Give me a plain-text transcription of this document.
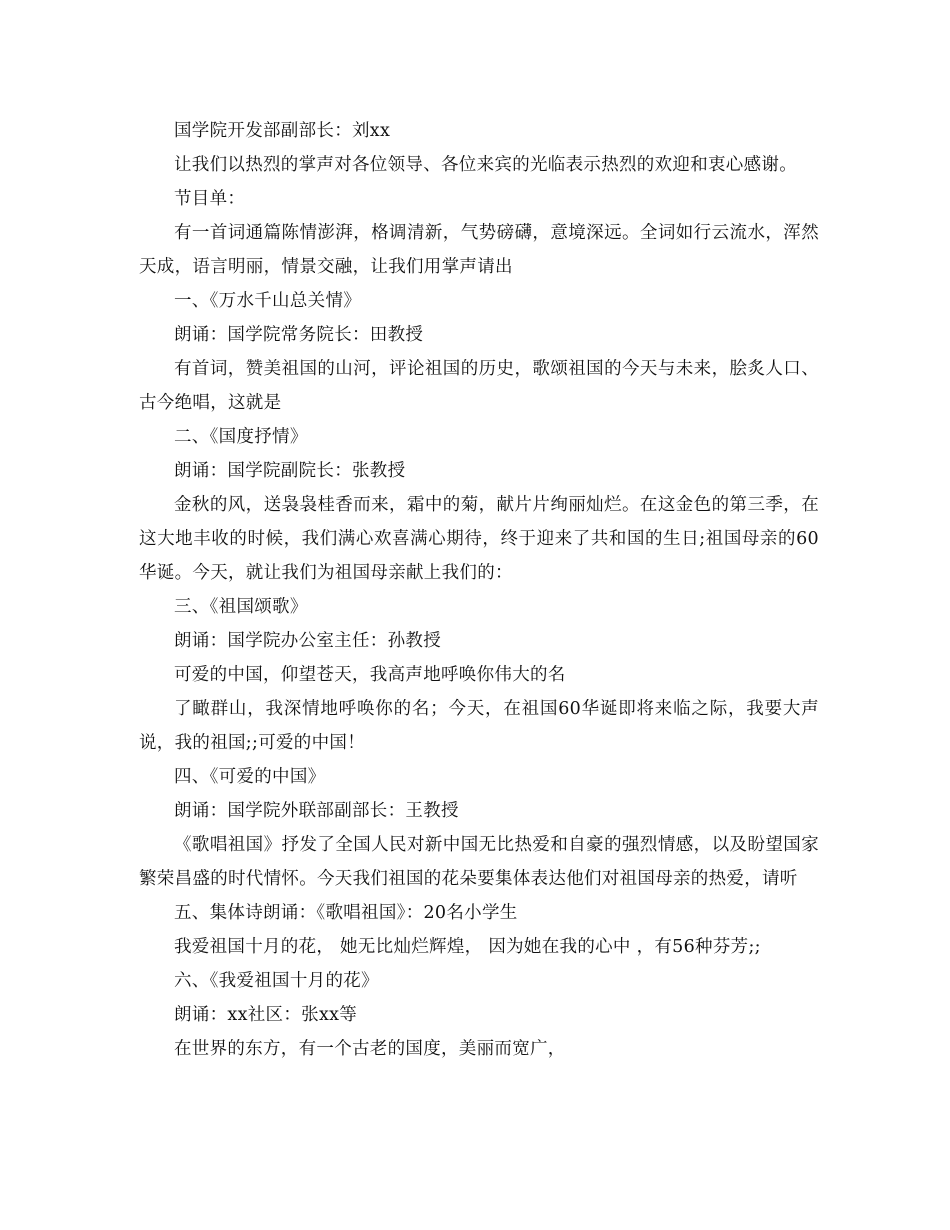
国学院开发部副部长：刘xx

让我们以热烈的掌声对各位领导、各位来宾的光临表示热烈的欢迎和衷心感谢。

节目单：

有一首词通篇陈情澎湃，格调清新，气势磅礴，意境深远。全词如行云流水，浑然天成，语言明丽，情景交融，让我们用掌声请出

一、《万水千山总关情》

朗诵：国学院常务院长：田教授

有首词，赞美祖国的山河，评论祖国的历史，歌颂祖国的今天与未来，脍炙人口、古今绝唱，这就是

二、《国度抒情》

朗诵：国学院副院长：张教授

金秋的风，送袅袅桂香而来，霜中的菊，献片片绚丽灿烂。在这金色的第三季，在这大地丰收的时候，我们满心欢喜满心期待，终于迎来了共和国的生日;祖国母亲的60华诞。今天，就让我们为祖国母亲献上我们的：

三、《祖国颂歌》

朗诵：国学院办公室主任：孙教授

可爱的中国，仰望苍天，我高声地呼唤你伟大的名

了瞰群山，我深情地呼唤你的名；今天，在祖国60华诞即将来临之际，我要大声说，我的祖国;;可爱的中国！

四、《可爱的中国》

朗诵：国学院外联部副部长：王教授

《歌唱祖国》抒发了全国人民对新中国无比热爱和自豪的强烈情感，以及盼望国家繁荣昌盛的时代情怀。今天我们祖国的花朵要集体表达他们对祖国母亲的热爱，请听

五、集体诗朗诵：《歌唱祖国》：20名小学生

我爱祖国十月的花， 她无比灿烂辉煌， 因为她在我的心中 ，有56种芬芳;;

六、《我爱祖国十月的花》

朗诵：xx社区：张xx等

在世界的东方，有一个古老的国度，美丽而宽广，
